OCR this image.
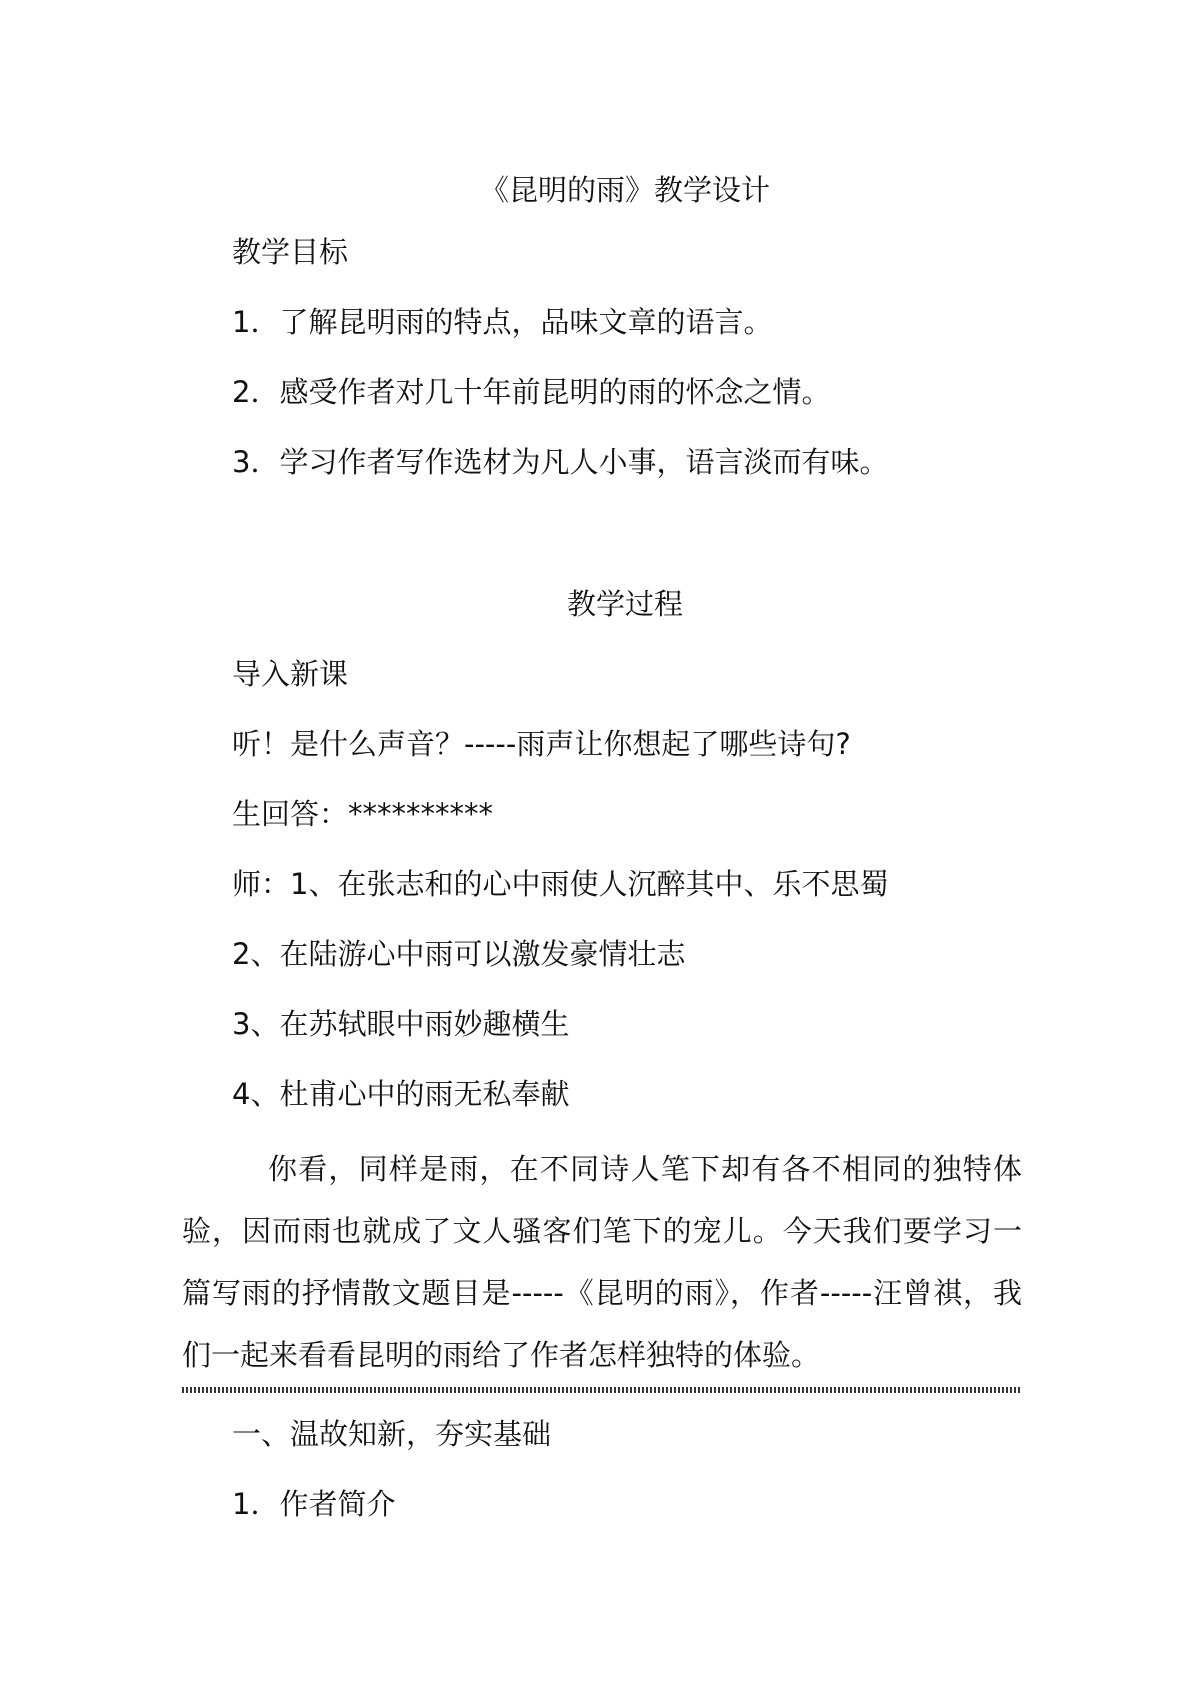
《昆明的雨》教学设计
教学目标
1．了解昆明雨的特点，品味文章的语言。
2．感受作者对几十年前昆明的雨的怀念之情。
3．学习作者写作选材为凡人小事，语言淡而有味。
教学过程
导入新课
听！是什么声音？-----雨声让你想起了哪些诗句?
生回答：**********
师：1、在张志和的心中雨使人沉醉其中、乐不思蜀
2、在陆游心中雨可以激发豪情壮志
3、在苏轼眼中雨妙趣横生
4、杜甫心中的雨无私奉献
你看，同样是雨，在不同诗人笔下却有各不相同的独特体验，因而雨也就成了文人骚客们笔下的宠儿。今天我们要学习一篇写雨的抒情散文题目是-----《昆明的雨》，作者-----汪曾祺，我们一起来看看昆明的雨给了作者怎样独特的体验。
一、温故知新，夯实基础
1．作者简介
